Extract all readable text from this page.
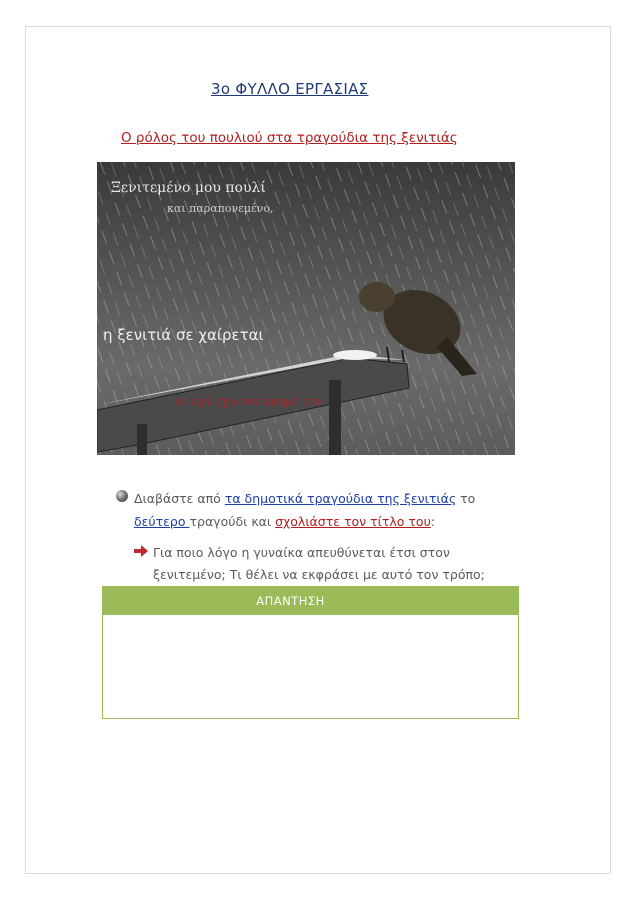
3ο ΦΥΛΛΟ ΕΡΓΑΣΙΑΣ
Ο ρόλος του πουλιού στα τραγούδια της ξενιτιάς
Ξενιτεμένο μου πουλί
και παραπονεμένο,
η ξενιτιά σε χαίρεται
κι εγώ έχω τον καημό σου
Διαβάστε από τα δημοτικά τραγούδια της ξενιτιάς το
δεύτερο τραγούδι και σχολιάστε τον τίτλο του:
Για ποιο λόγο η γυναίκα απευθύνεται έτσι στον
ξενιτεμένο; Τι θέλει να εκφράσει με αυτό τον τρόπο;
ΑΠΑΝΤΗΣΗ
